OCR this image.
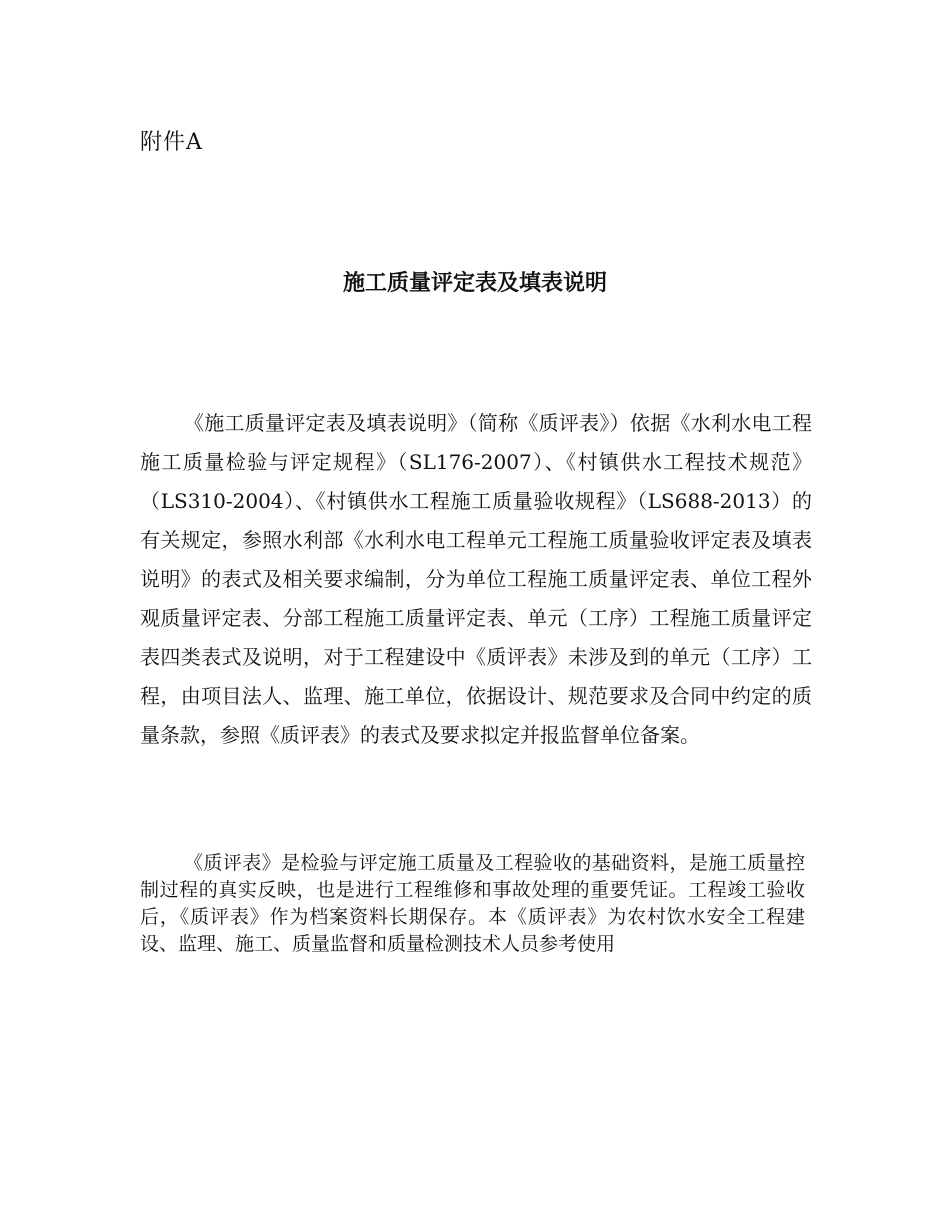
附件A
施工质量评定表及填表说明

《施工质量评定表及填表说明》（简称《质评表》）依据《水利水电工程施工质量检验与评定规程》（SL176-2007）、《村镇供水工程技术规范》（LS310-2004）、《村镇供水工程施工质量验收规程》（LS688-2013）的有关规定，参照水利部《水利水电工程单元工程施工质量验收评定表及填表说明》的表式及相关要求编制，分为单位工程施工质量评定表、单位工程外观质量评定表、分部工程施工质量评定表、单元（工序）工程施工质量评定表四类表式及说明，对于工程建设中《质评表》未涉及到的单元（工序）工程，由项目法人、监理、施工单位，依据设计、规范要求及合同中约定的质量条款，参照《质评表》的表式及要求拟定并报监督单位备案。

《质评表》是检验与评定施工质量及工程验收的基础资料，是施工质量控制过程的真实反映，也是进行工程维修和事故处理的重要凭证。工程竣工验收后，《质评表》作为档案资料长期保存。本《质评表》为农村饮水安全工程建设、监理、施工、质量监督和质量检测技术人员参考使用
